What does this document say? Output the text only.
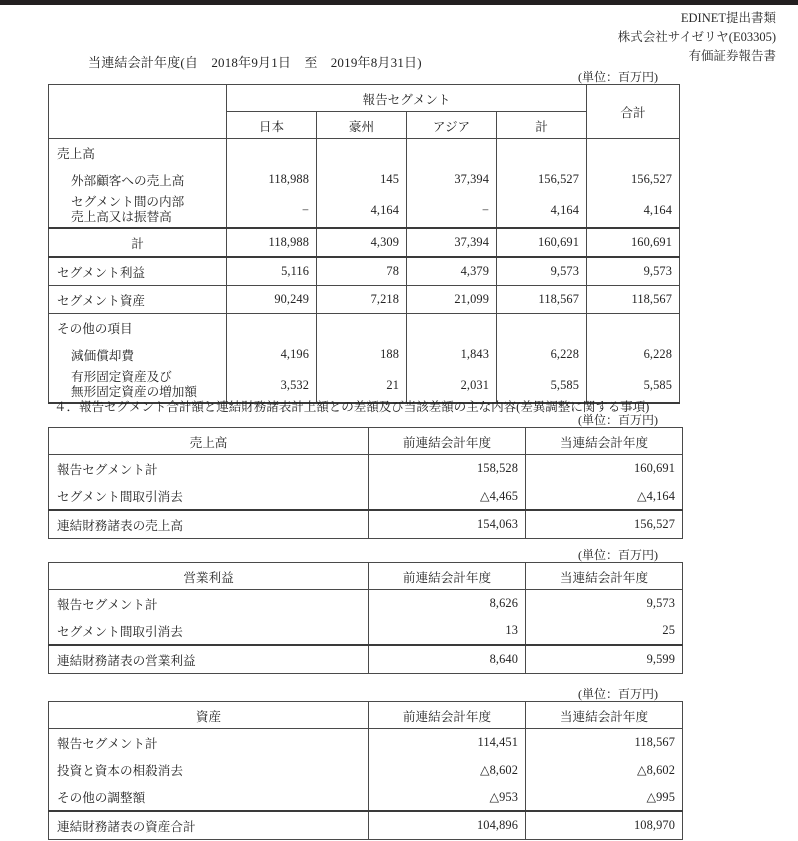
EDINET提出書類
株式会社サイゼリヤ(E03305)
有価証券報告書
当連結会計年度(自　2018年9月1日　至　2019年8月31日)
(単位：百万円)
	報告セグメント				合計
	日本	豪州	アジア	計	
売上高					
外部顧客への売上高	118,988	145	37,394	156,527	156,527

セグメント間の内部
売上高又は振替高	−	4,164	−	4,164	4,164
計	118,988	4,309	37,394	160,691	160,691
セグメント利益	5,116	78	4,379	9,573	9,573
セグメント資産	90,249	7,218	21,099	118,567	118,567
その他の項目					
減価償却費	4,196	188	1,843	6,228	6,228

有形固定資産及び
無形固定資産の増加額	3,532	21	2,031	5,585	5,585
４．報告セグメント合計額と連結財務諸表計上額との差額及び当該差額の主な内容(差異調整に関する事項)
(単位：百万円)
売上高	前連結会計年度	当連結会計年度
報告セグメント計	158,528	160,691
セグメント間取引消去	△4,465	△4,164
連結財務諸表の売上高	154,063	156,527
(単位：百万円)
営業利益	前連結会計年度	当連結会計年度
報告セグメント計	8,626	9,573
セグメント間取引消去	13	25
連結財務諸表の営業利益	8,640	9,599
(単位：百万円)
資産	前連結会計年度	当連結会計年度
報告セグメント計	114,451	118,567
投資と資本の相殺消去	△8,602	△8,602
その他の調整額	△953	△995
連結財務諸表の資産合計	104,896	108,970
